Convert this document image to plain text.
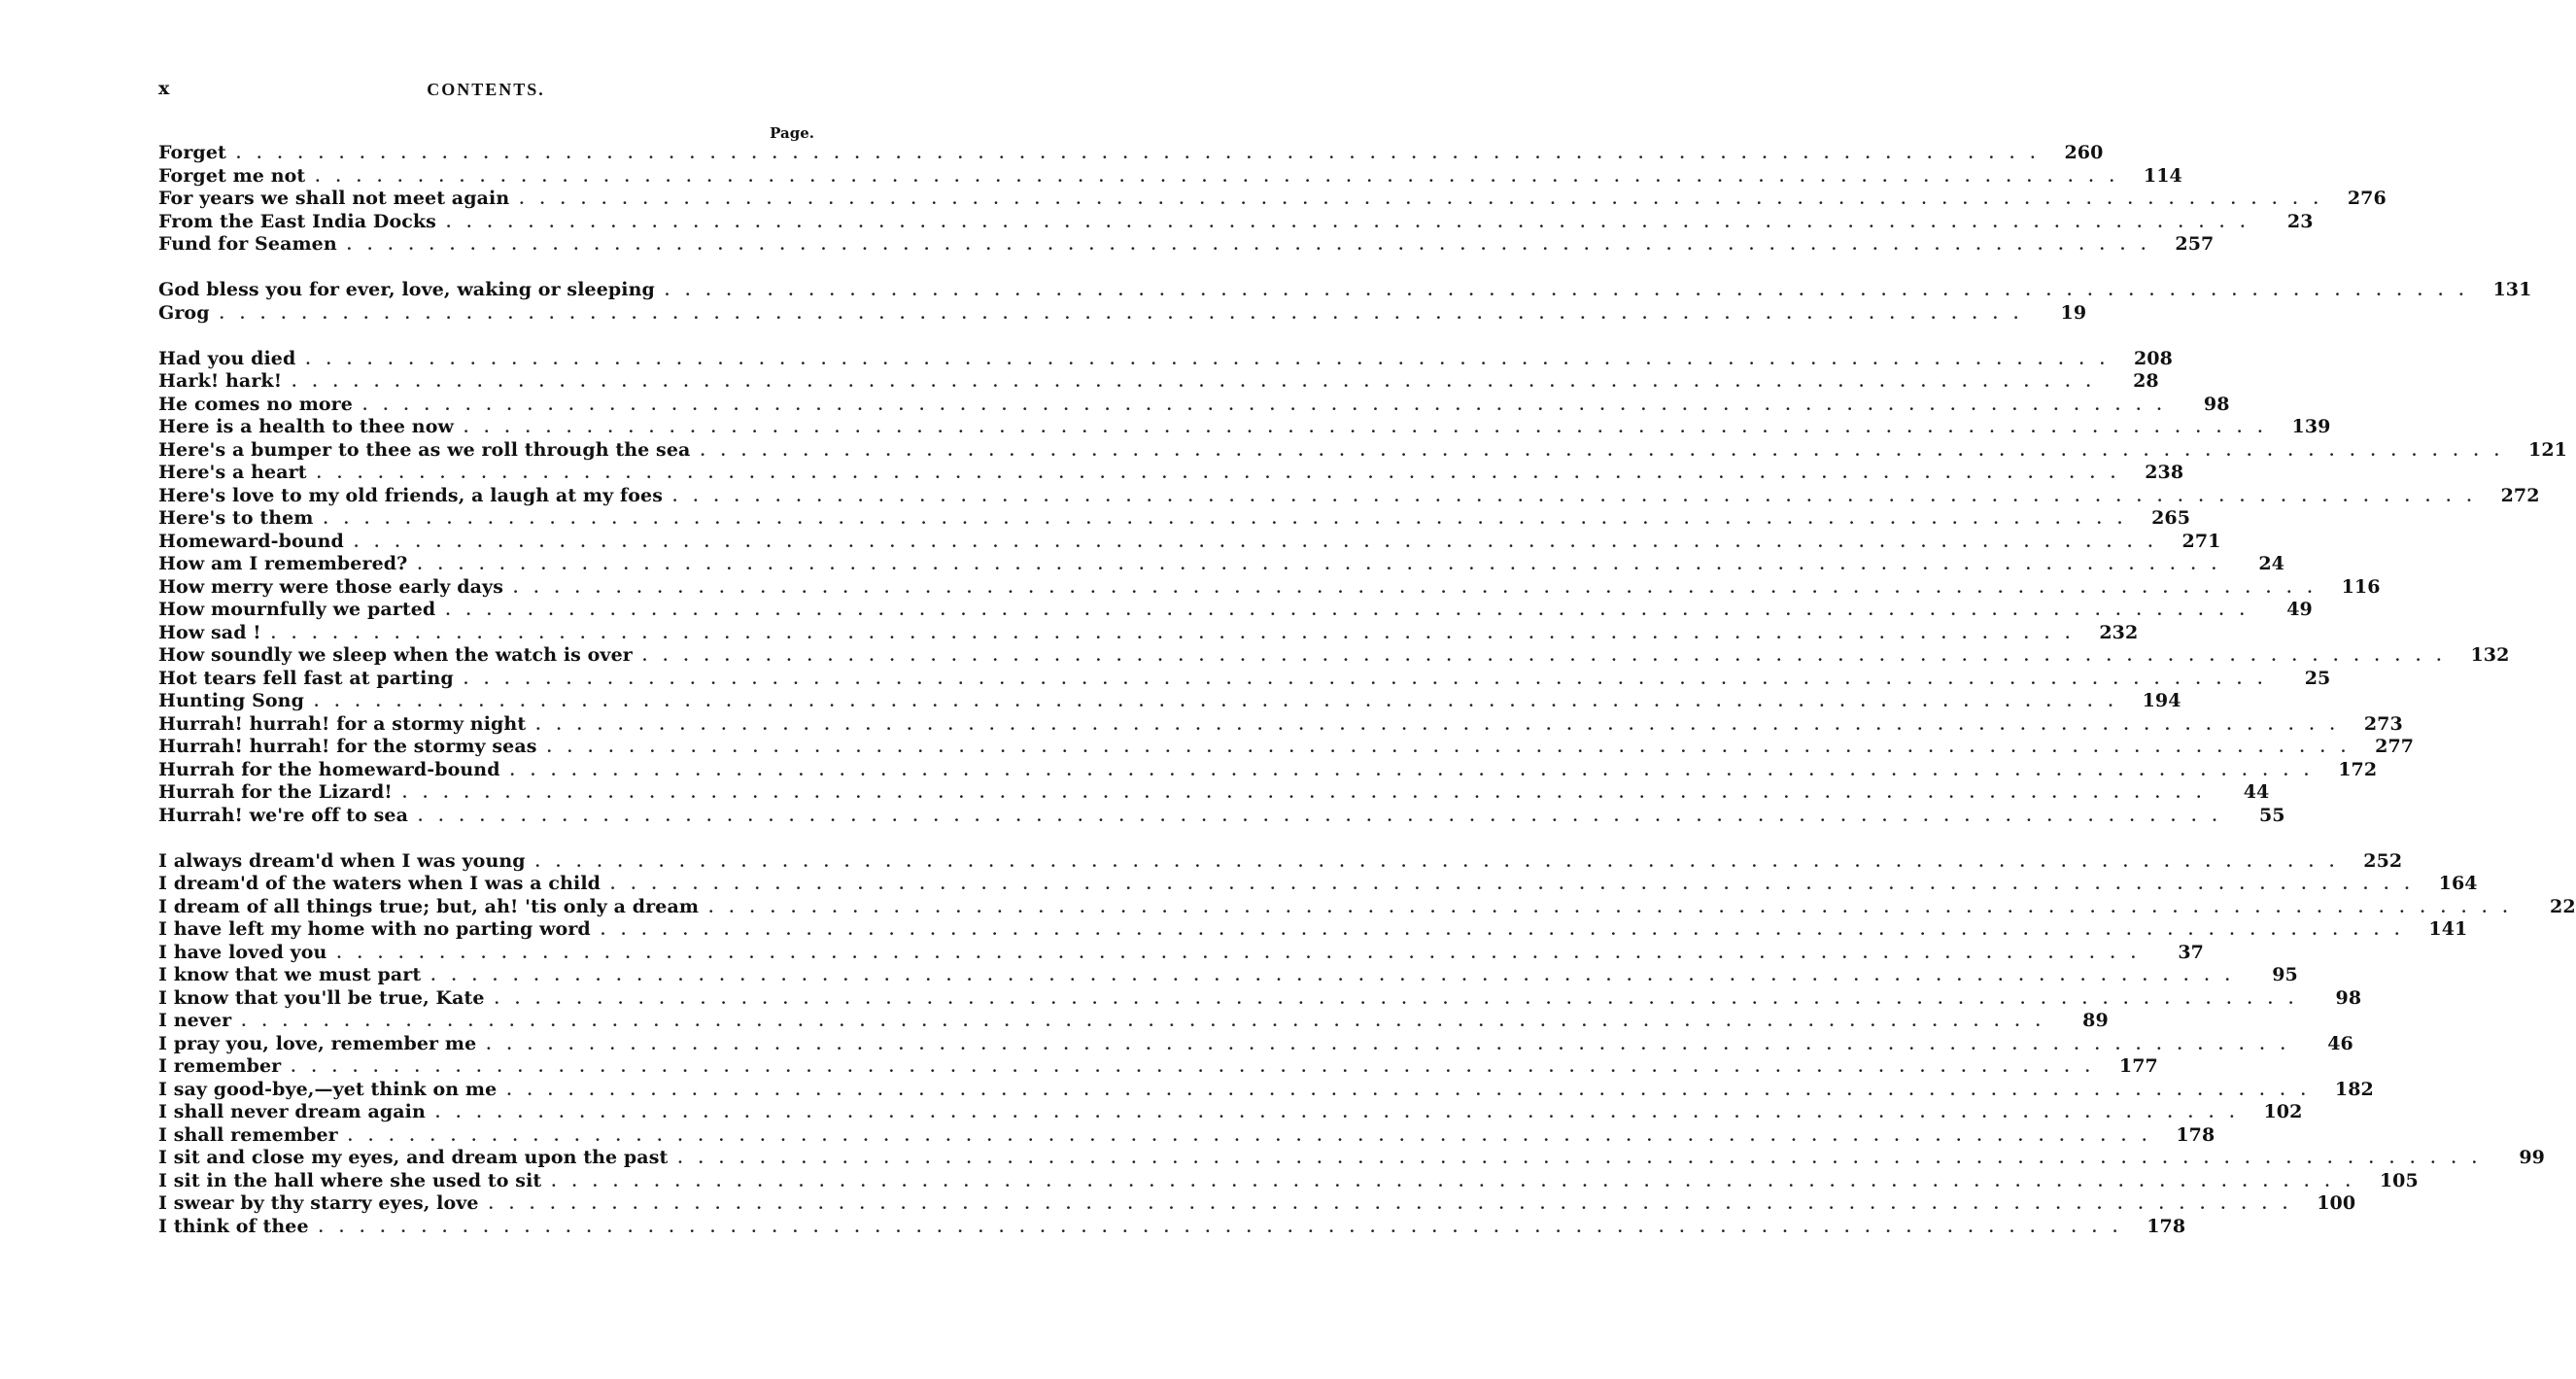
x	CONTENTS.
Page.
Forget ........................................................................................ 260
Forget me not ........................................................................................ 114
For years we shall not meet again ........................................................................................ 276
From the East India Docks ........................................................................................	23
Fund for Seamen ........................................................................................ 257
God bless you for ever, love, waking or sleeping ........................................................................................ 131
Grog ........................................................................................	19
Had you died ........................................................................................ 208
Hark! hark! ........................................................................................	28
He comes no more ........................................................................................	98
Here is a health to thee now ........................................................................................ 139
Here's a bumper to thee as we roll through the sea ........................................................................................ 121
Here's a heart ........................................................................................ 238
Here's love to my old friends, a laugh at my foes ........................................................................................ 272
Here's to them ........................................................................................ 265
Homeward-bound ........................................................................................ 271
How am I remembered? ........................................................................................	24
How merry were those early days ........................................................................................ 116
How mournfully we parted ........................................................................................	49
How sad ! ........................................................................................ 232
How soundly we sleep when the watch is over ........................................................................................ 132
Hot tears fell fast at parting ........................................................................................	25
Hunting Song ........................................................................................ 194
Hurrah! hurrah! for a stormy night ........................................................................................ 273
Hurrah! hurrah! for the stormy seas ........................................................................................ 277
Hurrah for the homeward-bound ........................................................................................ 172
Hurrah for the Lizard! ........................................................................................	44
Hurrah! we're off to sea ........................................................................................	55
I always dream'd when I was young ........................................................................................ 252
I dream'd of the waters when I was a child ........................................................................................ 164
I dream of all things true; but, ah! 'tis only a dream ........................................................................................	22
I have left my home with no parting word ........................................................................................ 141
I have loved you ........................................................................................	37
I know that we must part ........................................................................................	95
I know that you'll be true, Kate ........................................................................................	98
I never ........................................................................................	89
I pray you, love, remember me ........................................................................................	46
I remember ........................................................................................ 177
I say good-bye,—yet think on me ........................................................................................ 182
I shall never dream again ........................................................................................ 102
I shall remember ........................................................................................ 178
I sit and close my eyes, and dream upon the past ........................................................................................	99
I sit in the hall where she used to sit ........................................................................................ 105
I swear by thy starry eyes, love ........................................................................................ 100
I think of thee ........................................................................................ 178
